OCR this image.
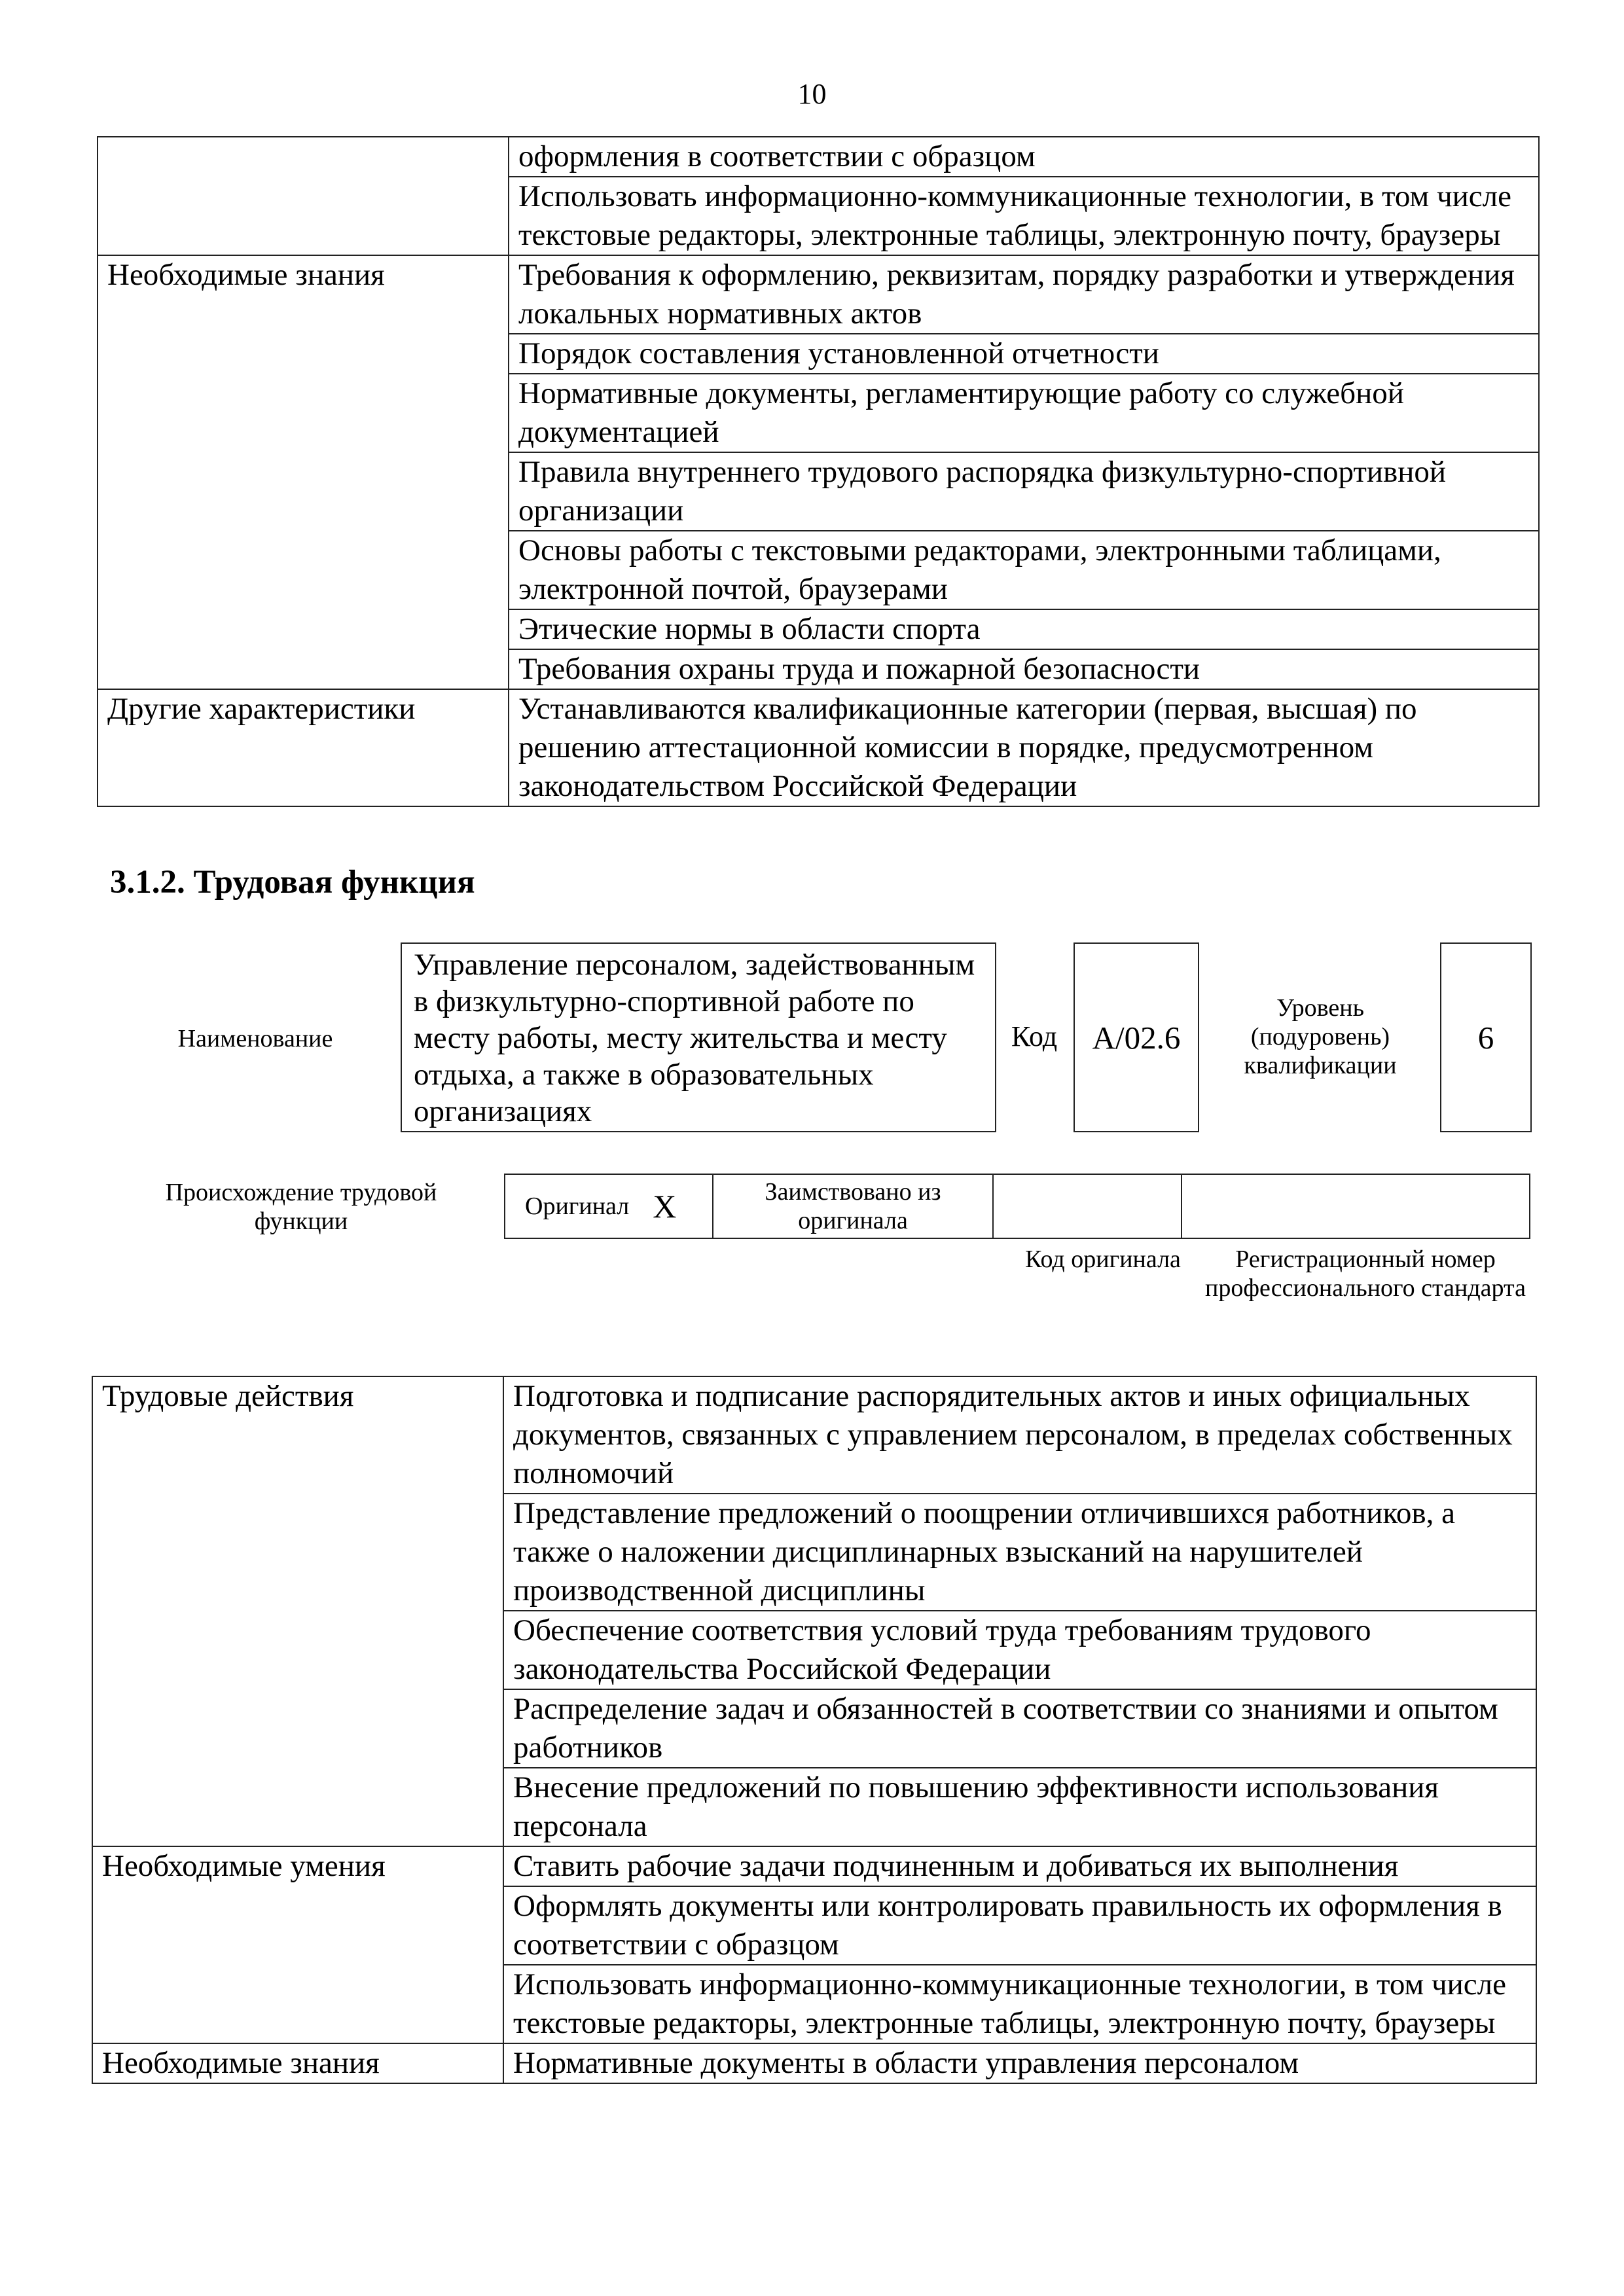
10
	оформления в соответствии с образцом
	Использовать информационно-коммуникационные технологии, в том числе текстовые редакторы, электронные таблицы, электронную почту, браузеры
Необходимые знания	Требования к оформлению, реквизитам, порядку разработки и утверждения локальных нормативных актов
	Порядок составления установленной отчетности
	Нормативные документы, регламентирующие работу со служебной документацией
	Правила внутреннего трудового распорядка физкультурно-спортивной организации
	Основы работы с текстовыми редакторами, электронными таблицами, электронной почтой, браузерами
	Этические нормы в области спорта
	Требования охраны труда и пожарной безопасности
Другие характеристики	Устанавливаются квалификационные категории (первая, высшая) по решению аттестационной комиссии в порядке, предусмотренном законодательством Российской Федерации
3.1.2. Трудовая функция
Наименование
Управление персоналом, задействованным в физкультурно-спортивной работе по месту работы, месту жительства и месту отдыха, а также в образовательных организациях
Код	А/02.6
Уровень (подуровень) квалификации
6
Происхождение трудовой функции
Оригинал X	Заимствовано из оригинала
Код оригинала	Регистрационный номер профессионального стандарта
Трудовые действия	Подготовка и подписание распорядительных актов и иных официальных документов, связанных с управлением персоналом, в пределах собственных полномочий
	Представление предложений о поощрении отличившихся работников, а также о наложении дисциплинарных взысканий на нарушителей производственной дисциплины
	Обеспечение соответствия условий труда требованиям трудового законодательства Российской Федерации
	Распределение задач и обязанностей в соответствии со знаниями и опытом работников
	Внесение предложений по повышению эффективности использования персонала
Необходимые умения	Ставить рабочие задачи подчиненным и добиваться их выполнения
	Оформлять документы или контролировать правильность их оформления в соответствии с образцом
	Использовать информационно-коммуникационные технологии, в том числе текстовые редакторы, электронные таблицы, электронную почту, браузеры
Необходимые знания	Нормативные документы в области управления персоналом
